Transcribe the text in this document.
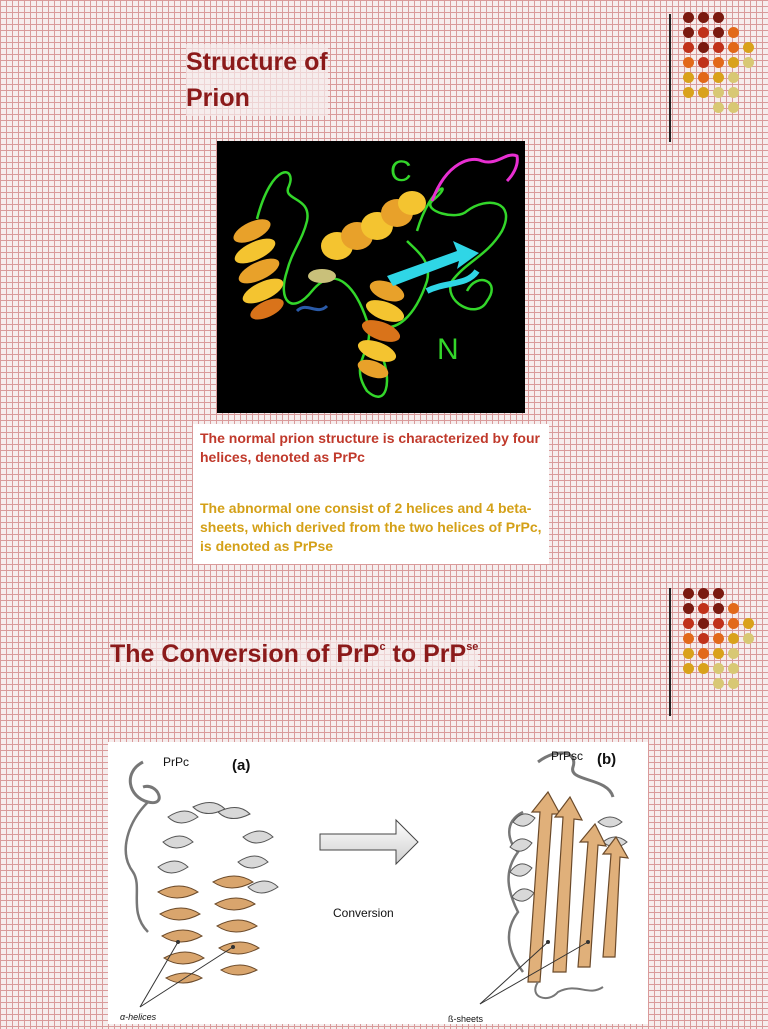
Structure of
Prion
C
N

The normal prion structure is characterized by four helices, denoted as PrPc

The abnormal one consist of 2 helices and 4 beta-sheets, which derived from the two helices of PrPc, is denoted as PrPse

The Conversion of PrP$^c$ to PrP$^{se}$
PrPc	(a)
α-helices
Conversion
PrPsc (b)
ß-sheets
